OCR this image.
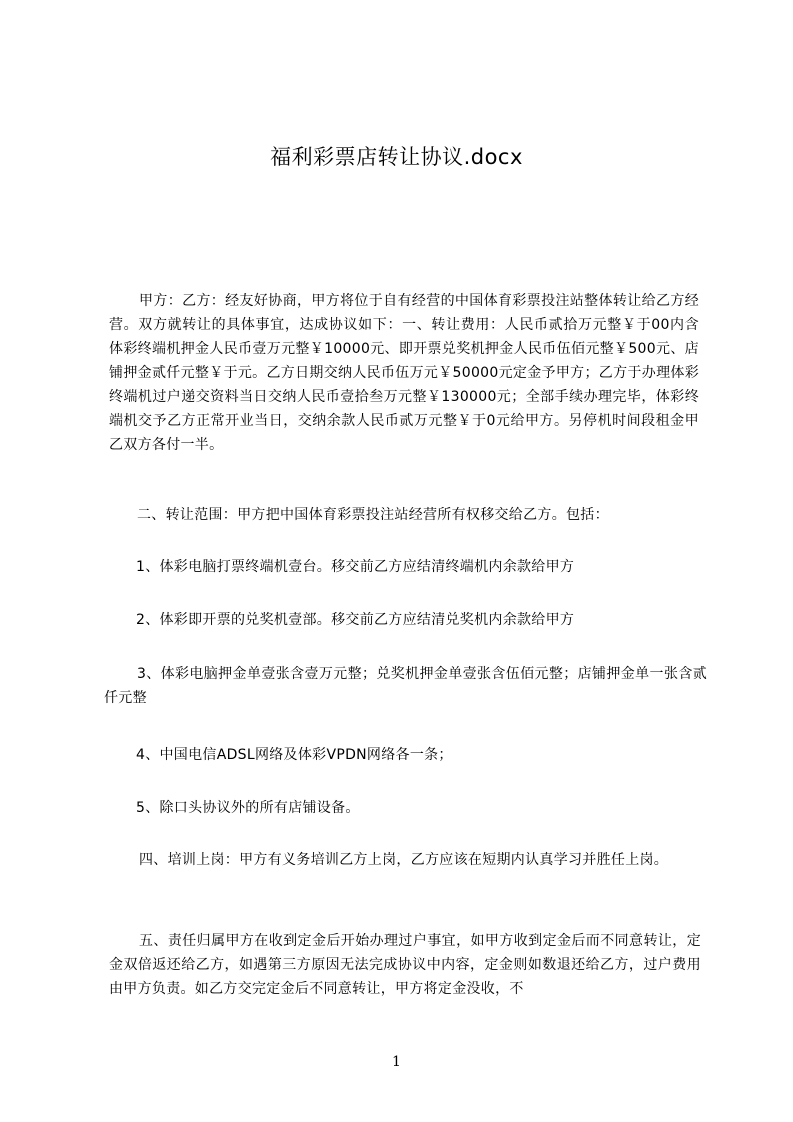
福利彩票店转让协议.docx
甲方：乙方：经友好协商，甲方将位于自有经营的中国体育彩票投注站整体转让给乙方经营。双方就转让的具体事宜，达成协议如下：一、转让费用：人民币贰拾万元整￥于00内含体彩终端机押金人民币壹万元整￥10000元、即开票兑奖机押金人民币伍佰元整￥500元、店铺押金贰仟元整￥于元。乙方日期交纳人民币伍万元￥50000元定金予甲方；乙方于办理体彩终端机过户递交资料当日交纳人民币壹拾叁万元整￥130000元；全部手续办理完毕，体彩终端机交予乙方正常开业当日，交纳余款人民币贰万元整￥于0元给甲方。另停机时间段租金甲乙双方各付一半。
二、转让范围：甲方把中国体育彩票投注站经营所有权移交给乙方。包括：
1、体彩电脑打票终端机壹台。移交前乙方应结清终端机内余款给甲方
2、体彩即开票的兑奖机壹部。移交前乙方应结清兑奖机内余款给甲方
3、体彩电脑押金单壹张含壹万元整；兑奖机押金单壹张含伍佰元整；店铺押金单一张含贰仟元整
4、中国电信ADSL网络及体彩VPDN网络各一条；
5、除口头协议外的所有店铺设备。
四、培训上岗：甲方有义务培训乙方上岗，乙方应该在短期内认真学习并胜任上岗。
五、责任归属甲方在收到定金后开始办理过户事宜，如甲方收到定金后而不同意转让，定金双倍返还给乙方，如遇第三方原因无法完成协议中内容，定金则如数退还给乙方，过户费用由甲方负责。如乙方交完定金后不同意转让，甲方将定金没收，不
1
